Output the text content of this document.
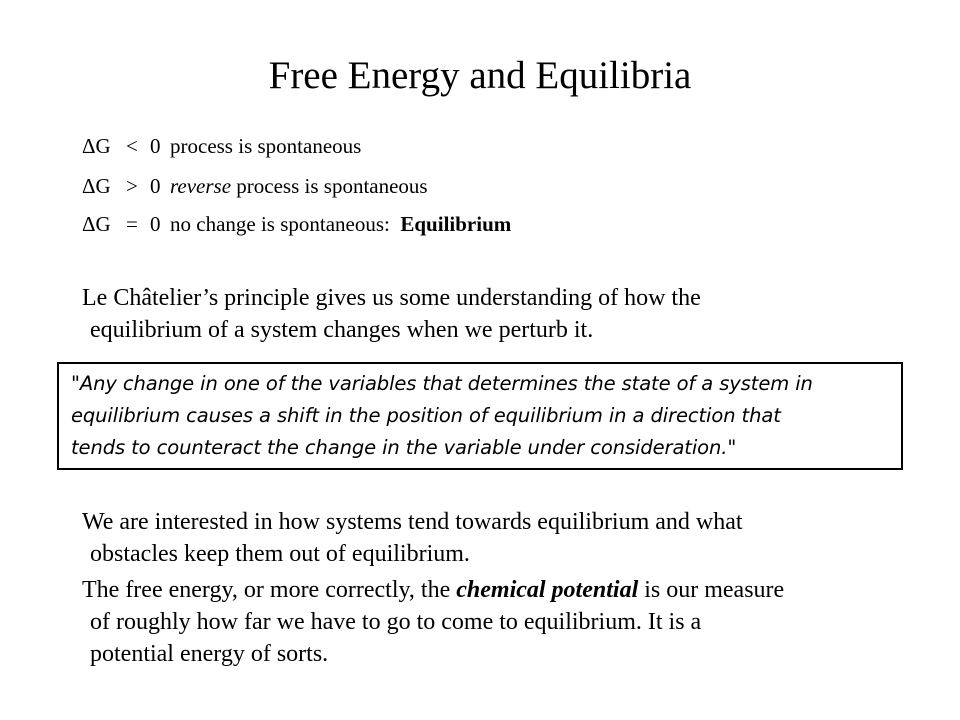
Free Energy and Equilibria
ΔG < 0 process is spontaneous
ΔG > 0 reverse process is spontaneous
ΔG = 0 no change is spontaneous:  Equilibrium
Le Châtelier’s principle gives us some understanding of how the
equilibrium of a system changes when we perturb it.
"Any change in one of the variables that determines the state of a system in
equilibrium causes a shift in the position of equilibrium in a direction that
tends to counteract the change in the variable under consideration."
We are interested in how systems tend towards equilibrium and what
obstacles keep them out of equilibrium.
The free energy, or more correctly, the chemical potential is our measure
of roughly how far we have to go to come to equilibrium. It is a
potential energy of sorts.
